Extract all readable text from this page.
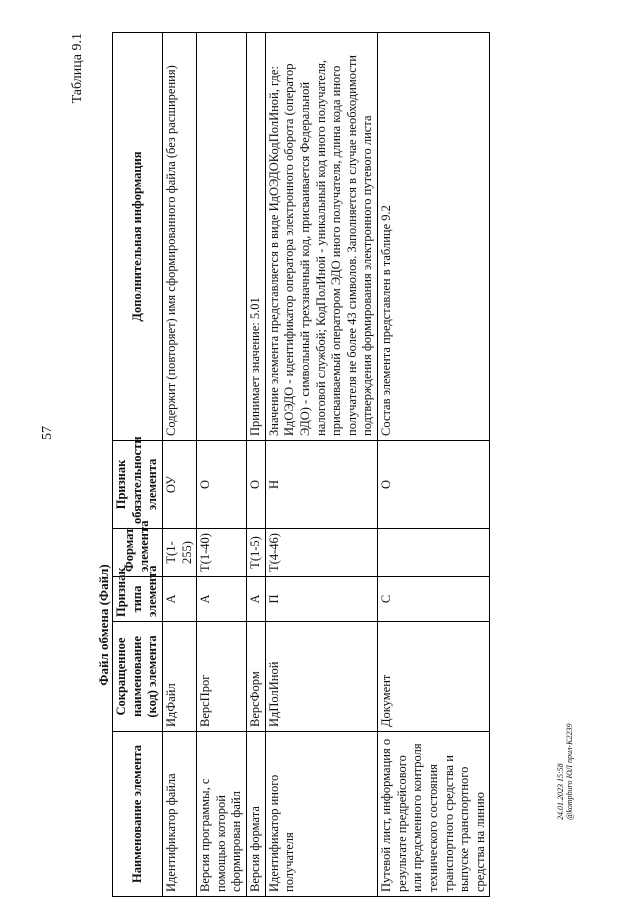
57
Таблица 9.1
Файл обмена (Файл)
Наименование элемента	Сокращенное наименование (код) элемента	Признак типа элемента	Формат элемента	Признак обязательности элемента	Дополнительная информация
Идентификатор файла	ИдФайл	А	T(1-255)	ОУ	Содержит (повторяет) имя сформированного файла (без расширения)
Версия программы, с помощью которой сформирован файл	ВерсПрог	А	T(1-40)	О	
Версия формата	ВерсФорм	А	T(1-5)	О	Принимает значение: 5.01
Идентификатор иного получателя	ИдПолИной	П	T(4-46)	Н	Значение элемента представляется в виде ИдОЭДОКодПолИной, где: ИдОЭДО - идентификатор оператора электронного оборота (оператор ЭДО) - символьный трехзначный код, присваивается Федеральной налоговой службой; КодПолИной - уникальный код иного получателя, присваиваемый оператором ЭДО иного получателя, длина кода иного получателя не более 43 символов. Заполняется в случае необходимости подтверждения формирования электронного путевого листа
Путевой лист, информация о результате предрейсового или предсменного контроля технического состояния транспортного средства и выпуске транспортного средства на линию	Документ	С		О	Состав элемента представлен в таблице 9.2
24.01.2023 15:58 @kompburo ЮЛ прил-К2239
